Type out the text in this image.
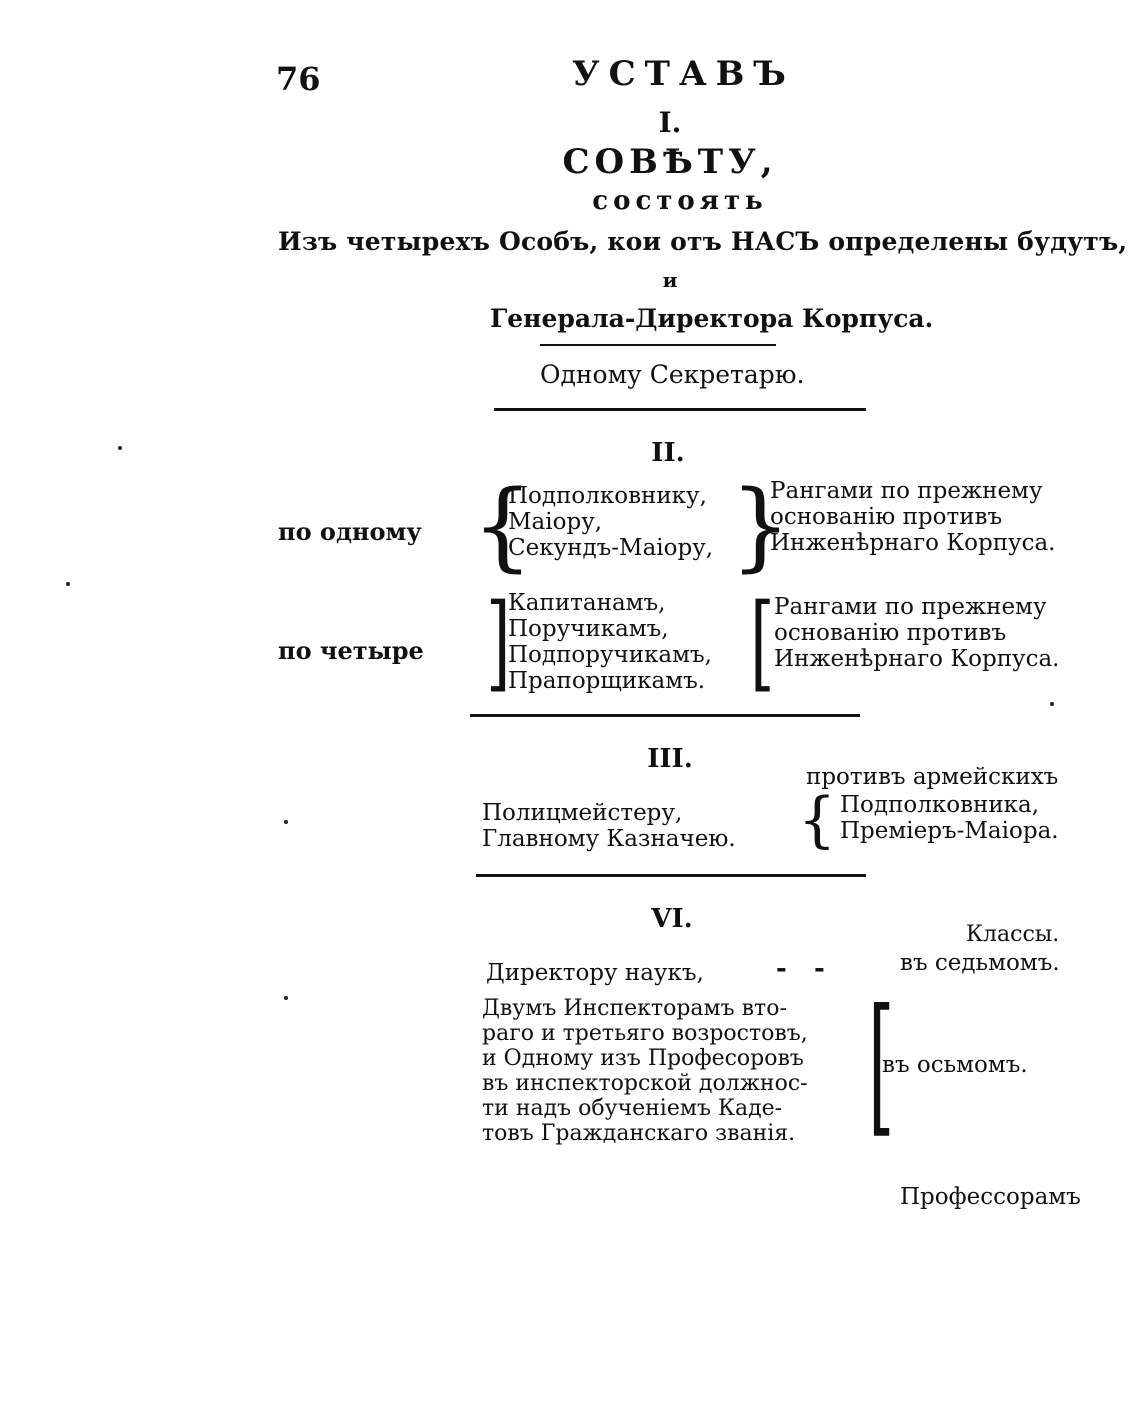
76	УСТАВЪ
I.
СОВѢТУ,
состоять
Изъ четырехъ Особъ, кои отъ НАСЪ определены будутъ,
и
Генерала-Директора Корпуса.
Одному Секретарю.
II.
по одному {
Подполковнику,
Маіору,
Секундъ-Маіору, }
Рангами по прежнему
основанію противъ
Инженѣрнаго Корпуса.
по четыре ]
Капитанамъ,
Поручикамъ,
Подпоручикамъ,
Прапорщикамъ. [ Рангами по прежнему
основанію противъ
Инженѣрнаго Корпуса.
III.
противъ армейскихъ
Полицмейстеру,
Главному Казначею. { Подполковника,
Премiеръ-Маiора.
VI.
Классы.
Директору наукъ,	-   -	въ седьмомъ.
Двумъ Инспекторамъ вто-
раго и третьяго возростовъ,
и Одному изъ Професоровъ
въ инспекторской должнос-
ти надъ обученіемъ Каде-
товъ Гражданскаго званія. [
въ осьмомъ.
Профессорамъ
